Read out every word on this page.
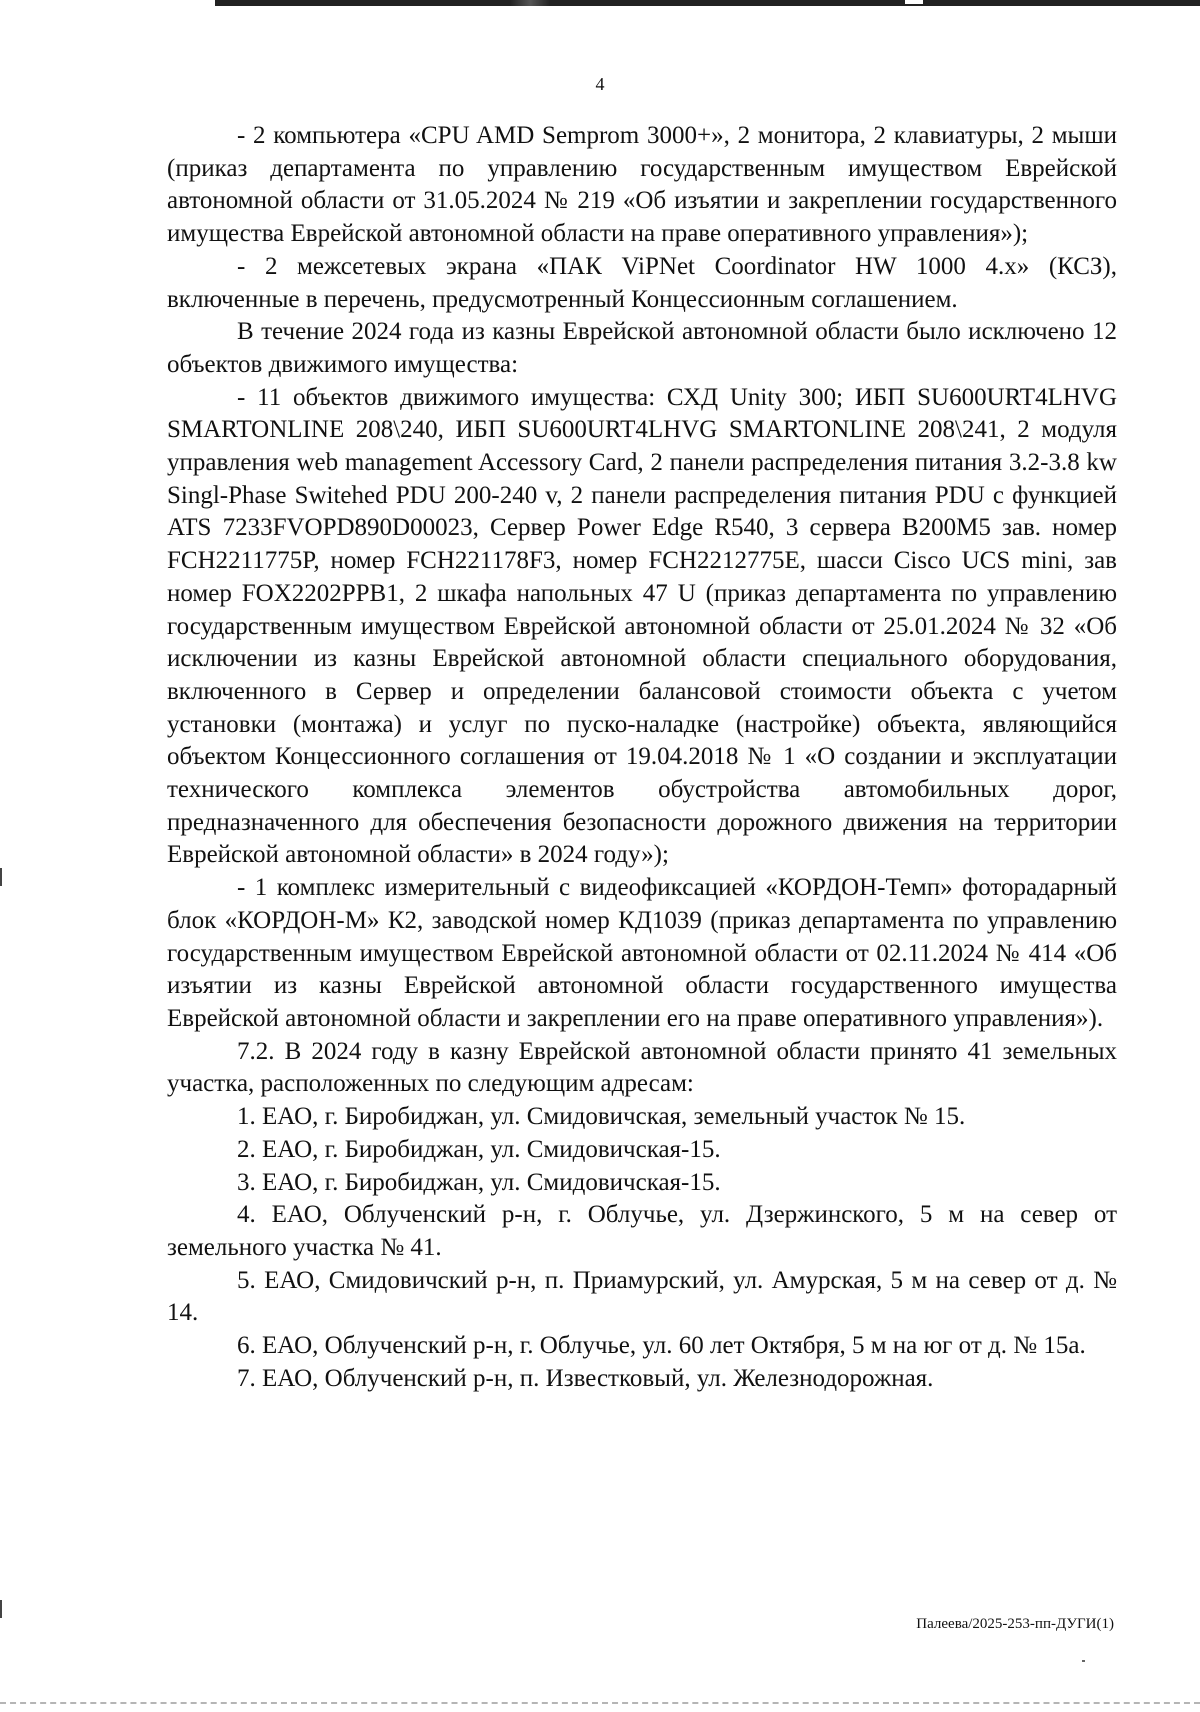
4

- 2 компьютера «CPU AMD Semprom 3000+», 2 монитора, 2 клавиатуры, 2 мыши (приказ департамента по управлению государственным имуществом Еврейской автономной области от 31.05.2024 № 219 «Об изъятии и закреплении государственного имущества Еврейской автономной области на праве оперативного управления»);

- 2 межсетевых экрана «ПАК ViPNet Coordinator HW 1000 4.x» (КСЗ), включенные в перечень, предусмотренный Концессионным соглашением.

В течение 2024 года из казны Еврейской автономной области было исключено 12 объектов движимого имущества:

- 11 объектов движимого имущества: СХД Unity 300; ИБП SU600URT4LHVG SMARTONLINE 208\240, ИБП SU600URT4LHVG SMARTONLINE 208\241, 2 модуля управления web management Accessory Card, 2 панели распределения питания 3.2-3.8 kw Singl-Phase Switehed PDU 200-240 v, 2 панели распределения питания PDU с функцией ATS 7233FVOPD890D00023, Сервер Power Edge R540, 3 сервера B200M5 зав. номер FCH2211775P, номер FCH221178F3, номер FCH2212775E, шасси Cisco UCS mini, зав номер FOX2202PPB1, 2 шкафа напольных 47 U (приказ департамента по управлению государственным имуществом Еврейской автономной области от 25.01.2024 № 32 «Об исключении из казны Еврейской автономной области специального оборудования, включенного в Сервер и определении балансовой стоимости объекта с учетом установки (монтажа) и услуг по пуско-наладке (настройке) объекта, являющийся объектом Концессионного соглашения от 19.04.2018 № 1 «О создании и эксплуатации технического комплекса элементов обустройства автомобильных дорог, предназначенного для обеспечения безопасности дорожного движения на территории Еврейской автономной области» в 2024 году»);

- 1 комплекс измерительный с видеофиксацией «КОРДОН-Темп» фоторадарный блок «КОРДОН-М» К2, заводской номер КД1039 (приказ департамента по управлению государственным имуществом Еврейской автономной области от 02.11.2024 № 414 «Об изъятии из казны Еврейской автономной области государственного имущества Еврейской автономной области и закреплении его на праве оперативного управления»).

7.2. В 2024 году в казну Еврейской автономной области принято 41 земельных участка, расположенных по следующим адресам:

1. ЕАО, г. Биробиджан, ул. Смидовичская, земельный участок № 15.

2. ЕАО, г. Биробиджан, ул. Смидовичская-15.

3. ЕАО, г. Биробиджан, ул. Смидовичская-15.

4. ЕАО, Облученский р-н, г. Облучье, ул. Дзержинского, 5 м на север от земельного участка № 41.

5. ЕАО, Смидовичский р-н, п. Приамурский, ул. Амурская, 5 м на север от д. № 14.

6. ЕАО, Облученский р-н, г. Облучье, ул. 60 лет Октября, 5 м на юг от д. № 15а.

7. ЕАО, Облученский р-н, п. Известковый, ул. Железнодорожная.

Палеева/2025-253-пп-ДУГИ(1)
